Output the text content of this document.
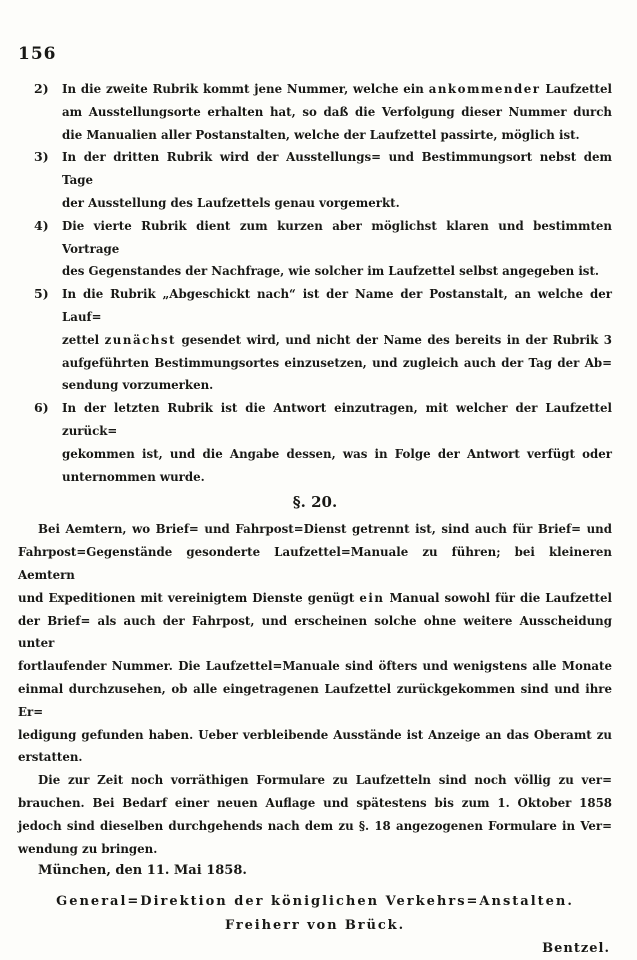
156
2) In die zweite Rubrik kommt jene Nummer, welche ein ankommender Laufzettel
am Ausstellungsorte erhalten hat, so daß die Verfolgung dieser Nummer durch
die Manualien aller Postanstalten, welche der Laufzettel passirte, möglich ist.
3) In der dritten Rubrik wird der Ausstellungs= und Bestimmungsort nebst dem Tage
der Ausstellung des Laufzettels genau vorgemerkt.
4) Die vierte Rubrik dient zum kurzen aber möglichst klaren und bestimmten Vortrage
des Gegenstandes der Nachfrage, wie solcher im Laufzettel selbst angegeben ist.
5) In die Rubrik „Abgeschickt nach“ ist der Name der Postanstalt, an welche der Lauf=
zettel zunächst gesendet wird, und nicht der Name des bereits in der Rubrik 3
aufgeführten Bestimmungsortes einzusetzen, und zugleich auch der Tag der Ab=
sendung vorzumerken.
6) In der letzten Rubrik ist die Antwort einzutragen, mit welcher der Laufzettel zurück=
gekommen ist, und die Angabe dessen, was in Folge der Antwort verfügt oder
unternommen wurde.
§. 20.
Bei Aemtern, wo Brief= und Fahrpost=Dienst getrennt ist, sind auch für Brief= und
Fahrpost=Gegenstände gesonderte Laufzettel=Manuale zu führen; bei kleineren Aemtern
und Expeditionen mit vereinigtem Dienste genügt ein Manual sowohl für die Laufzettel
der Brief= als auch der Fahrpost, und erscheinen solche ohne weitere Ausscheidung unter
fortlaufender Nummer. Die Laufzettel=Manuale sind öfters und wenigstens alle Monate
einmal durchzusehen, ob alle eingetragenen Laufzettel zurückgekommen sind und ihre Er=
ledigung gefunden haben. Ueber verbleibende Ausstände ist Anzeige an das Oberamt zu
erstatten.
Die zur Zeit noch vorräthigen Formulare zu Laufzetteln sind noch völlig zu ver=
brauchen. Bei Bedarf einer neuen Auflage und spätestens bis zum 1. Oktober 1858
jedoch sind dieselben durchgehends nach dem zu §. 18 angezogenen Formulare in Ver=
wendung zu bringen.
München, den 11. Mai 1858.
General=Direktion der königlichen Verkehrs=Anstalten.
Freiherr von Brück.
Bentzel.
